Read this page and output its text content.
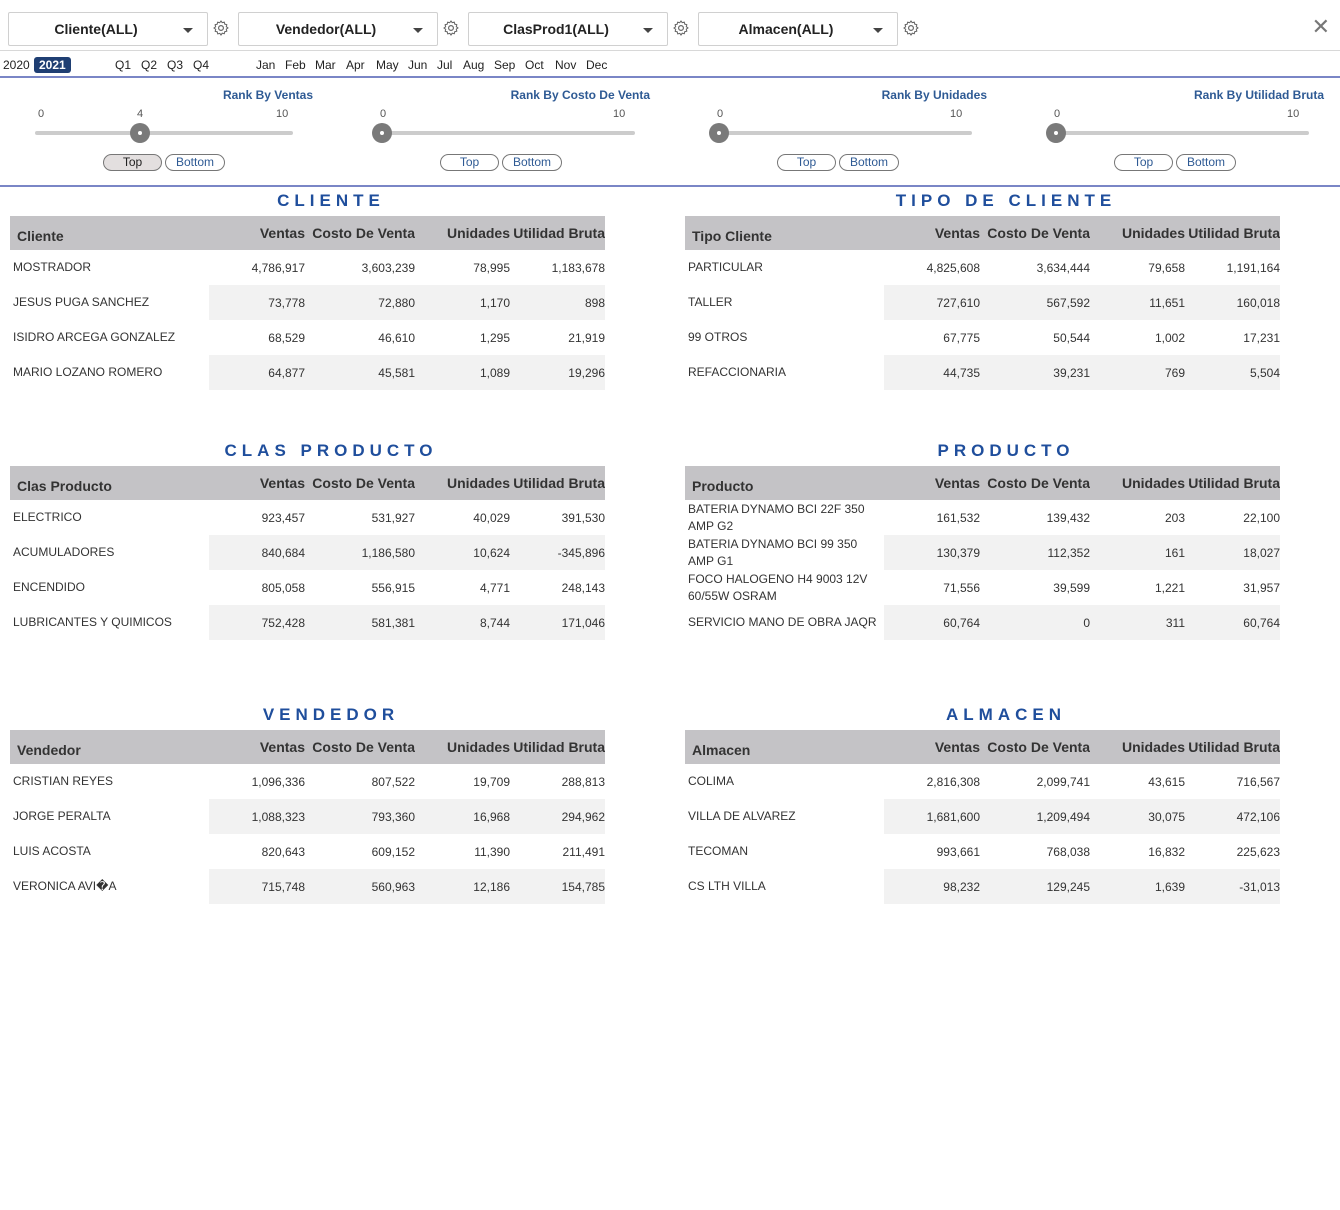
Cliente(ALL)	Vendedor(ALL)	ClasProd1(ALL)	Almacen(ALL)	✕
2020 2021	Q1 Q2 Q3 Q4	Jan Feb Mar Apr May Jun Jul Aug Sep Oct Nov Dec
Rank By Ventas
0	4	10
Top	Bottom
Rank By Costo De Venta
0	10
Top	Bottom
Rank By Unidades
0	10
Top	Bottom
Rank By Utilidad Bruta
0	10
Top	Bottom
CLIENTE
Cliente	Ventas	Costo De Venta	Unidades	Utilidad Bruta
MOSTRADOR	4,786,917	3,603,239	78,995	1,183,678
JESUS PUGA SANCHEZ	73,778	72,880	1,170	898
ISIDRO ARCEGA GONZALEZ	68,529	46,610	1,295	21,919
MARIO LOZANO ROMERO	64,877	45,581	1,089	19,296
TIPO DE CLIENTE
Tipo Cliente	Ventas	Costo De Venta	Unidades	Utilidad Bruta
PARTICULAR	4,825,608	3,634,444	79,658	1,191,164
TALLER	727,610	567,592	11,651	160,018
99 OTROS	67,775	50,544	1,002	17,231
REFACCIONARIA	44,735	39,231	769	5,504
CLAS PRODUCTO
Clas Producto	Ventas	Costo De Venta	Unidades	Utilidad Bruta
ELECTRICO	923,457	531,927	40,029	391,530
ACUMULADORES	840,684	1,186,580	10,624	-345,896
ENCENDIDO	805,058	556,915	4,771	248,143
LUBRICANTES Y QUIMICOS	752,428	581,381	8,744	171,046
PRODUCTO
Producto	Ventas	Costo De Venta	Unidades	Utilidad Bruta
BATERIA DYNAMO BCI 22F 350 AMP G2	161,532	139,432	203	22,100
BATERIA DYNAMO BCI 99 350 AMP G1	130,379	112,352	161	18,027
FOCO HALOGENO H4 9003 12V 60/55W OSRAM	71,556	39,599	1,221	31,957
SERVICIO MANO DE OBRA JAQR	60,764	0	311	60,764
VENDEDOR
Vendedor	Ventas	Costo De Venta	Unidades	Utilidad Bruta
CRISTIAN REYES	1,096,336	807,522	19,709	288,813
JORGE PERALTA	1,088,323	793,360	16,968	294,962
LUIS ACOSTA	820,643	609,152	11,390	211,491
VERONICA AVI�A	715,748	560,963	12,186	154,785
ALMACEN
Almacen	Ventas	Costo De Venta	Unidades	Utilidad Bruta
COLIMA	2,816,308	2,099,741	43,615	716,567
VILLA DE ALVAREZ	1,681,600	1,209,494	30,075	472,106
TECOMAN	993,661	768,038	16,832	225,623
CS LTH VILLA	98,232	129,245	1,639	-31,013
